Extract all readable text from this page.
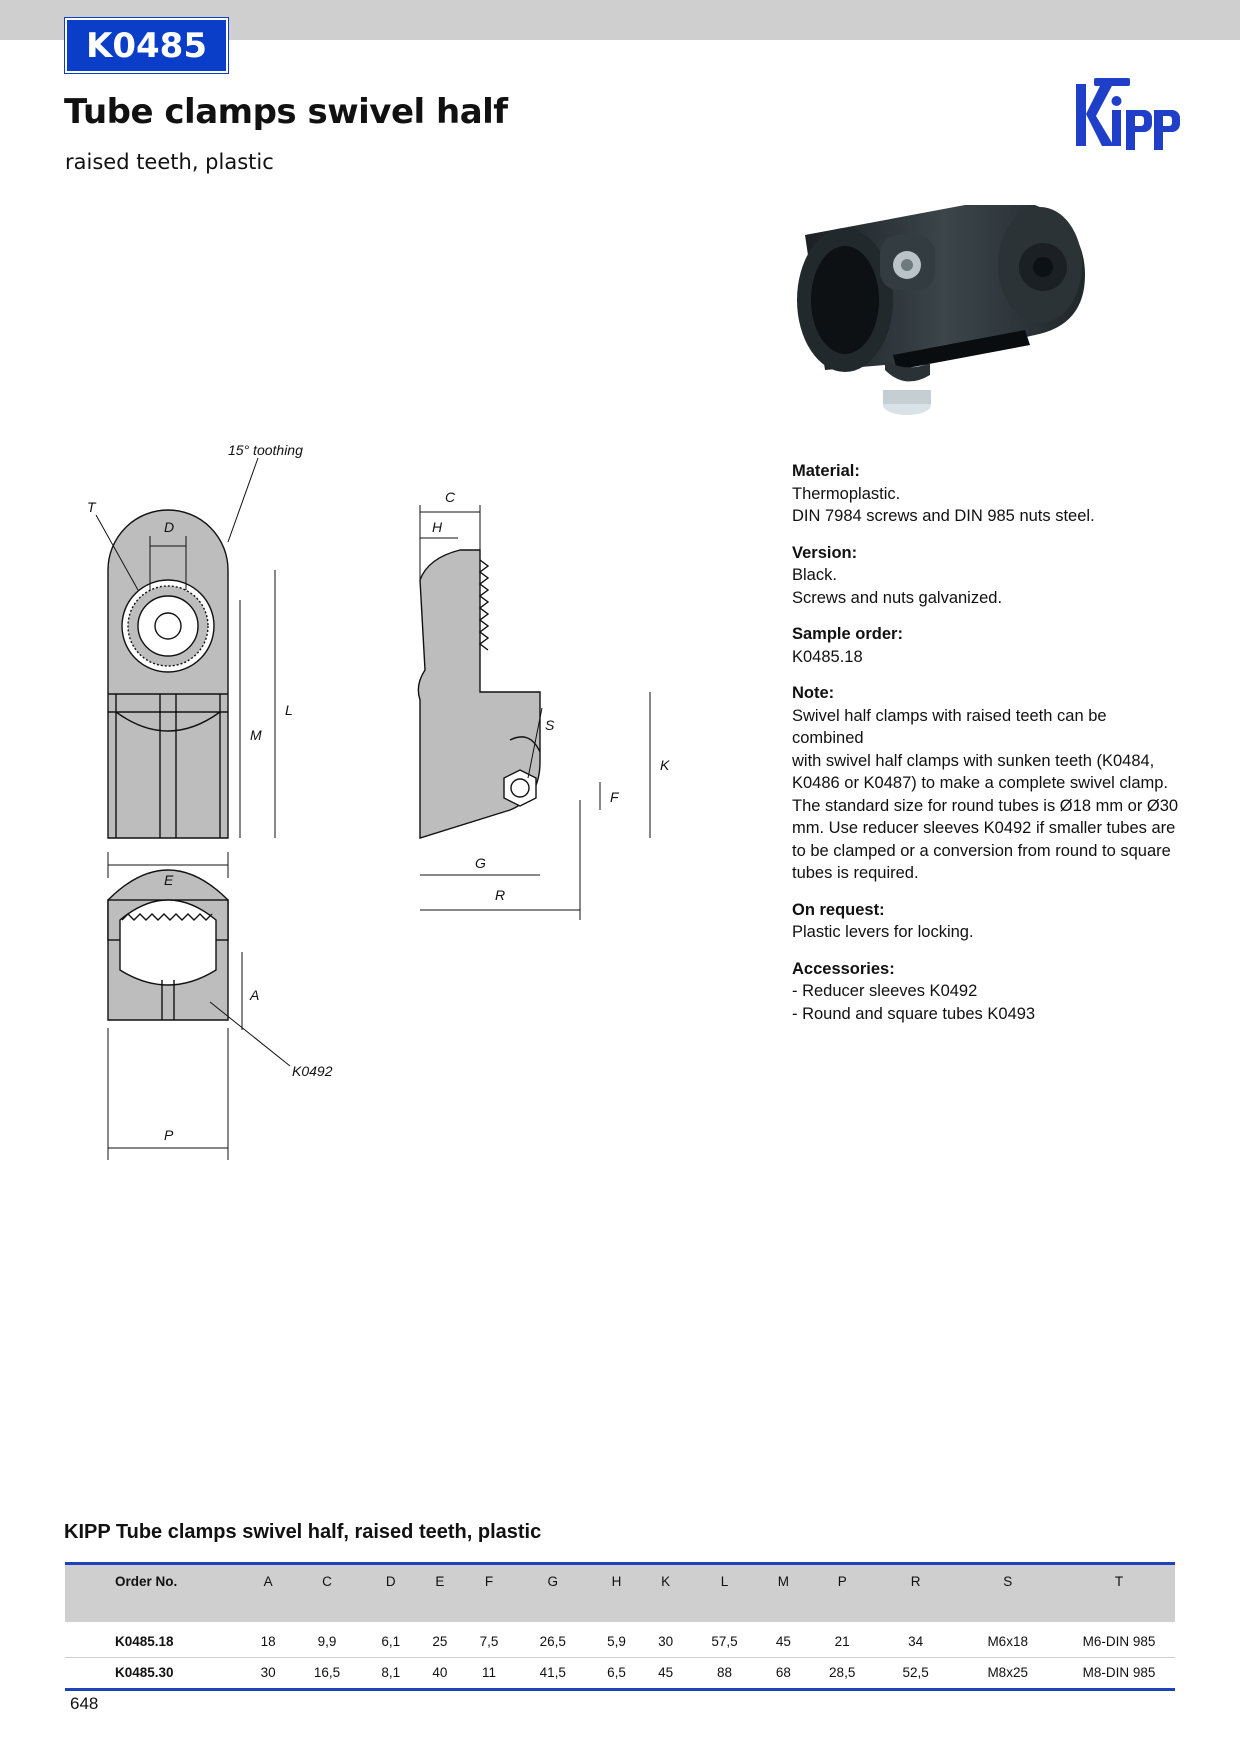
K0485
Tube clamps swivel half
raised teeth, plastic
15° toothing
T
D
L
M
E
C
H
S
K
F
G
R
A
P
K0492
Material:
Thermoplastic.
DIN 7984 screws and DIN 985 nuts steel.
Version:
Black.
Screws and nuts galvanized.
Sample order:
K0485.18
Note:
Swivel half clamps with raised teeth can be combined
with swivel half clamps with sunken teeth (K0484,
K0486 or K0487) to make a complete swivel clamp.
The standard size for round tubes is Ø18 mm or Ø30
mm. Use reducer sleeves K0492 if smaller tubes are
to be clamped or a conversion from round to square
tubes is required.
On request:
Plastic levers for locking.
Accessories:
- Reducer sleeves K0492
- Round and square tubes K0493
KIPP Tube clamps swivel half, raised teeth, plastic
Order No.	A	C	D	E	F	G	H	K	L	M	P	R	S	T
K0485.18	18	9,9	6,1	25	7,5	26,5	5,9	30	57,5	45	21	34	M6x18	M6-DIN 985
K0485.30	30	16,5	8,1	40	11	41,5	6,5	45	88	68	28,5	52,5	M8x25	M8-DIN 985
648
